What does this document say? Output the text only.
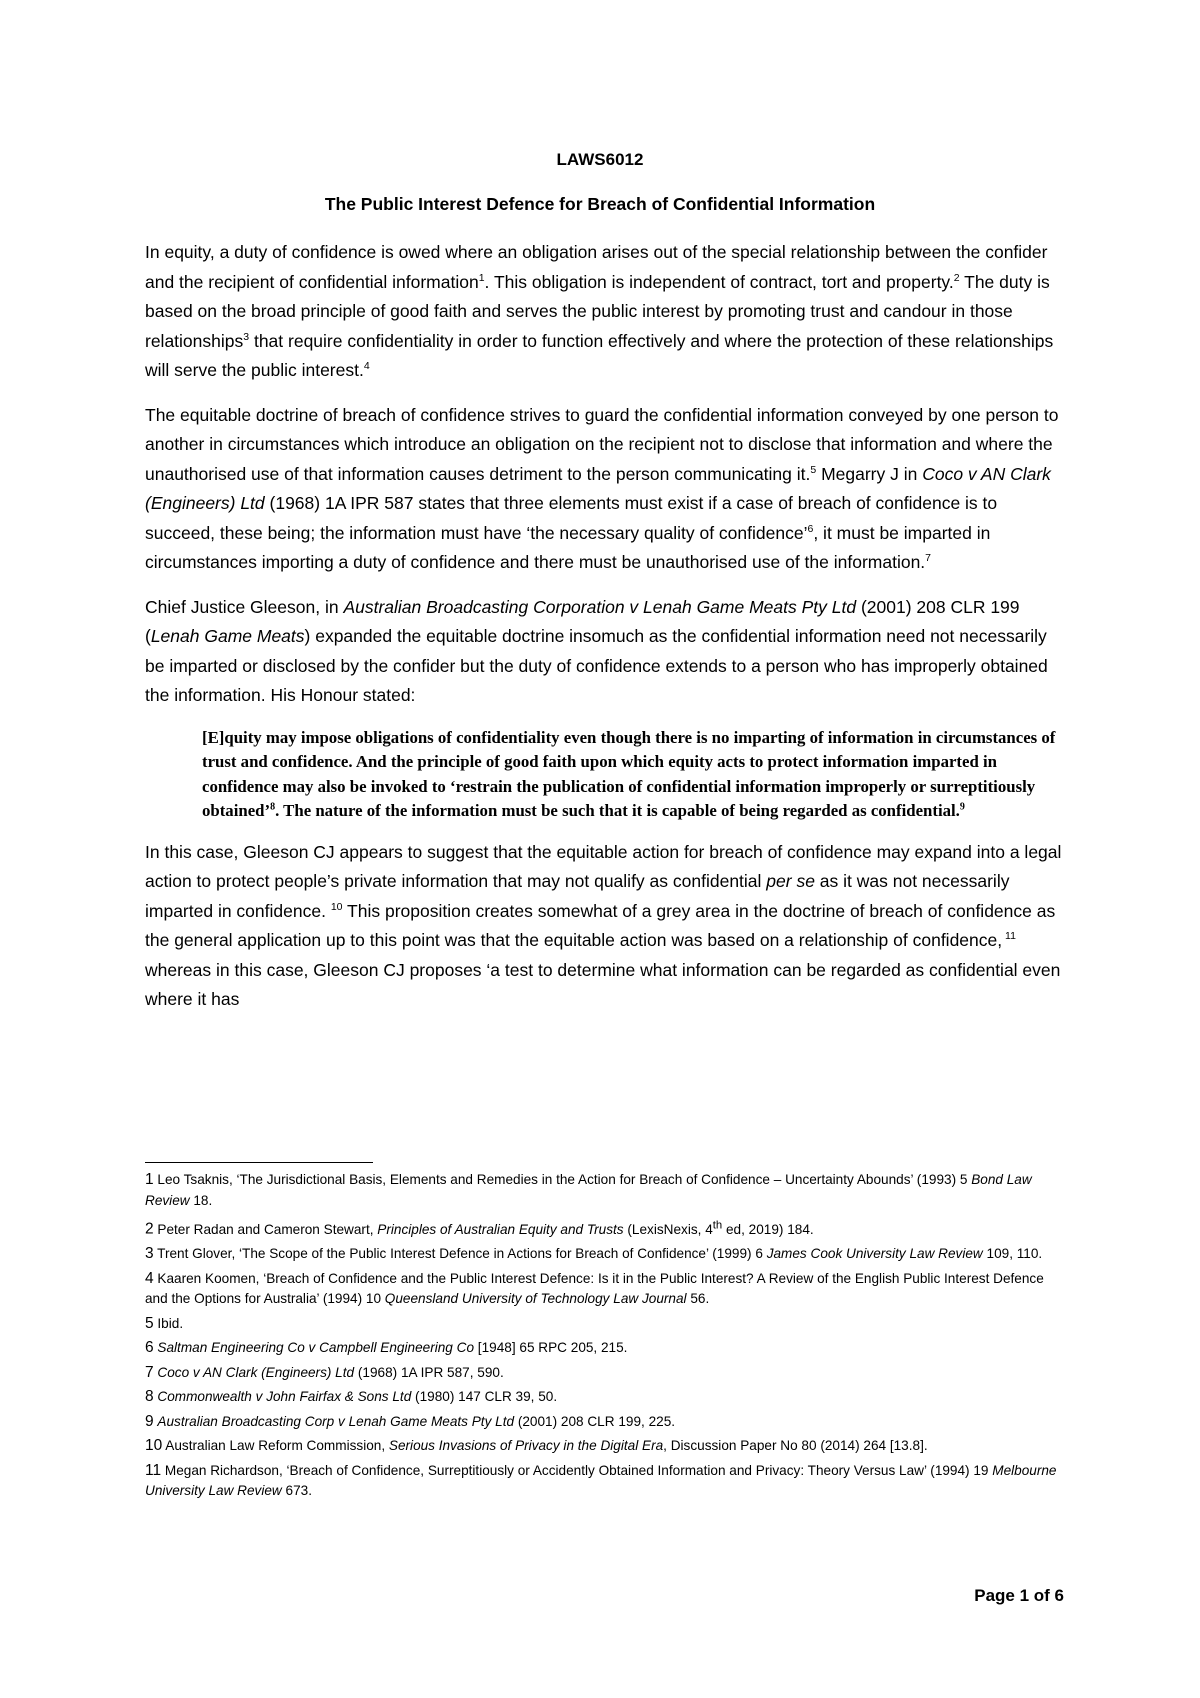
LAWS6012
The Public Interest Defence for Breach of Confidential Information

In equity, a duty of confidence is owed where an obligation arises out of the special relationship between the confider and the recipient of confidential information$^1$. This obligation is independent of contract, tort and property.$^2$ The duty is based on the broad principle of good faith and serves the public interest by promoting trust and candour in those relationships$^3$ that require confidentiality in order to function effectively and where the protection of these relationships will serve the public interest.$^4$

The equitable doctrine of breach of confidence strives to guard the confidential information conveyed by one person to another in circumstances which introduce an obligation on the recipient not to disclose that information and where the unauthorised use of that information causes detriment to the person communicating it.$^5$ Megarry J in Coco v AN Clark (Engineers) Ltd (1968) 1A IPR 587 states that three elements must exist if a case of breach of confidence is to succeed, these being; the information must have ‘the necessary quality of confidence’$^6$, it must be imparted in circumstances importing a duty of confidence and there must be unauthorised use of the information.$^7$

Chief Justice Gleeson, in Australian Broadcasting Corporation v Lenah Game Meats Pty Ltd (2001) 208 CLR 199 (Lenah Game Meats) expanded the equitable doctrine insomuch as the confidential information need not necessarily be imparted or disclosed by the confider but the duty of confidence extends to a person who has improperly obtained the information. His Honour stated:

[E]quity may impose obligations of confidentiality even though there is no imparting of information in circumstances of trust and confidence. And the principle of good faith upon which equity acts to protect information imparted in confidence may also be invoked to ‘restrain the publication of confidential information improperly or surreptitiously obtained’$^8$. The nature of the information must be such that it is capable of being regarded as confidential.$^9$

In this case, Gleeson CJ appears to suggest that the equitable action for breach of confidence may expand into a legal action to protect people’s private information that may not qualify as confidential per se as it was not necessarily imparted in confidence. $^{10}$ This proposition creates somewhat of a grey area in the doctrine of breach of confidence as the general application up to this point was that the equitable action was based on a relationship of confidence, $^{11}$ whereas in this case, Gleeson CJ proposes ‘a test to determine what information can be regarded as confidential even where it has

1 Leo Tsaknis, ‘The Jurisdictional Basis, Elements and Remedies in the Action for Breach of Confidence – Uncertainty Abounds’ (1993) 5 Bond Law Review 18.

2 Peter Radan and Cameron Stewart, Principles of Australian Equity and Trusts (LexisNexis, 4th ed, 2019) 184.

3 Trent Glover, ‘The Scope of the Public Interest Defence in Actions for Breach of Confidence’ (1999) 6 James Cook University Law Review 109, 110.

4 Kaaren Koomen, ‘Breach of Confidence and the Public Interest Defence: Is it in the Public Interest? A Review of the English Public Interest Defence and the Options for Australia’ (1994) 10 Queensland University of Technology Law Journal 56.

5 Ibid.

6 Saltman Engineering Co v Campbell Engineering Co [1948] 65 RPC 205, 215.

7 Coco v AN Clark (Engineers) Ltd (1968) 1A IPR 587, 590.

8 Commonwealth v John Fairfax & Sons Ltd (1980) 147 CLR 39, 50.

9 Australian Broadcasting Corp v Lenah Game Meats Pty Ltd (2001) 208 CLR 199, 225.

10 Australian Law Reform Commission, Serious Invasions of Privacy in the Digital Era, Discussion Paper No 80 (2014) 264 [13.8].

11 Megan Richardson, ‘Breach of Confidence, Surreptitiously or Accidently Obtained Information and Privacy: Theory Versus Law’ (1994) 19 Melbourne University Law Review 673.

Page 1 of 6
